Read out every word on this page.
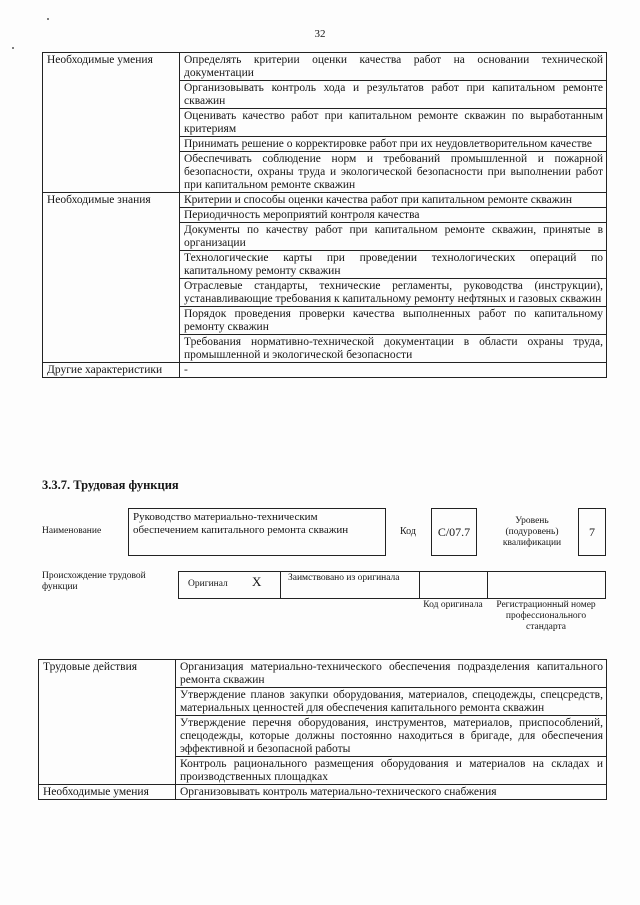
32
Необходимые умения	Определять критерии оценки качества работ на основании технической документации
	Организовывать контроль хода и результатов работ при капитальном ремонте скважин
	Оценивать качество работ при капитальном ремонте скважин по выработанным критериям
	Принимать решение о корректировке работ при их неудовлетворительном качестве
	Обеспечивать соблюдение норм и требований промышленной и пожарной безопасности, охраны труда и экологической безопасности при выполнении работ при капитальном ремонте скважин
Необходимые знания	Критерии и способы оценки качества работ при капитальном ремонте скважин
	Периодичность мероприятий контроля качества
	Документы по качеству работ при капитальном ремонте скважин, принятые в организации
	Технологические карты при проведении технологических операций по капитальному ремонту скважин
	Отраслевые стандарты, технические регламенты, руководства (инструкции), устанавливающие требования к капитальному ремонту нефтяных и газовых скважин
	Порядок проведения проверки качества выполненных работ по капитальному ремонту скважин
	Требования нормативно-технической документации в области охраны труда, промышленной и экологической безопасности
Другие характеристики	-
3.3.7. Трудовая функция
Наименование
Руководство материально-техническим обеспечением капитального ремонта скважин	Код	C/07.7
Уровень (подуровень) квалификации
7
Происхождение трудовой функции	Оригинал X	Заимствовано из оригинала
Код оригинала Регистрационный номер профессионального стандарта
Трудовые действия	Организация материально-технического обеспечения подразделения капитального ремонта скважин
	Утверждение планов закупки оборудования, материалов, спецодежды, спецсредств, материальных ценностей для обеспечения капитального ремонта скважин
	Утверждение перечня оборудования, инструментов, материалов, приспособлений, спецодежды, которые должны постоянно находиться в бригаде, для обеспечения эффективной и безопасной работы
	Контроль рационального размещения оборудования и материалов на складах и производственных площадках
Необходимые умения	Организовывать контроль материально-технического снабжения
